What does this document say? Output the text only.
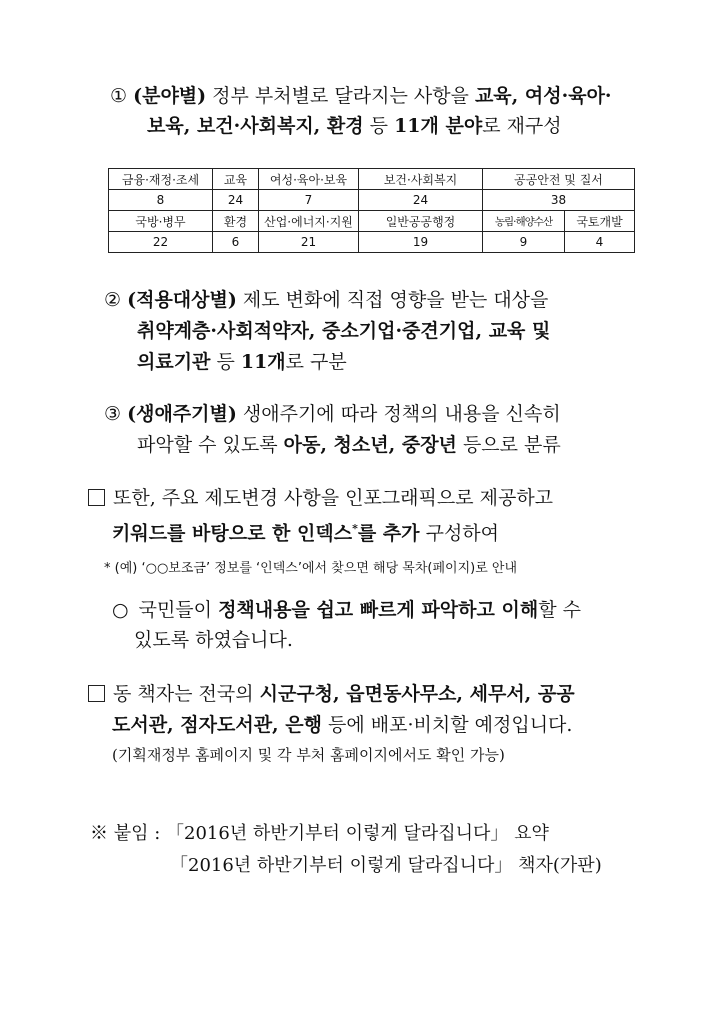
① (분야별) 정부 부처별로 달라지는 사항을 교육, 여성·육아·
보육, 보건·사회복지, 환경 등 11개 분야로 재구성
금융·재정·조세	교육	여성·육아·보육	보건·사회복지	공공안전 및 질서	
8	24	7	24	38	
국방·병무	환경	산업·에너지·지원	일반공공행정	농림·해양수산	국토개발
22	6	21	19	9	4
② (적용대상별) 제도 변화에 직접 영향을 받는 대상을
취약계층·사회적약자, 중소기업·중견기업, 교육 및
의료기관 등 11개로 구분
③ (생애주기별) 생애주기에 따라 정책의 내용을 신속히
파악할 수 있도록 아동, 청소년, 중장년 등으로 분류
또한, 주요 제도변경 사항을 인포그래픽으로 제공하고
키워드를 바탕으로 한 인덱스*를 추가 구성하여
* (예) ‘○○보조금’ 정보를 ‘인덱스’에서 찾으면 해당 목차(페이지)로 안내
○ 국민들이 정책내용을 쉽고 빠르게 파악하고 이해할 수
있도록 하였습니다.
동 책자는 전국의 시군구청, 읍면동사무소, 세무서, 공공
도서관, 점자도서관, 은행 등에 배포·비치할 예정입니다.
(기획재정부 홈페이지 및 각 부처 홈페이지에서도 확인 가능)
※ 붙임 : 「2016년 하반기부터 이렇게 달라집니다」 요약
「2016년 하반기부터 이렇게 달라집니다」 책자(가판)
